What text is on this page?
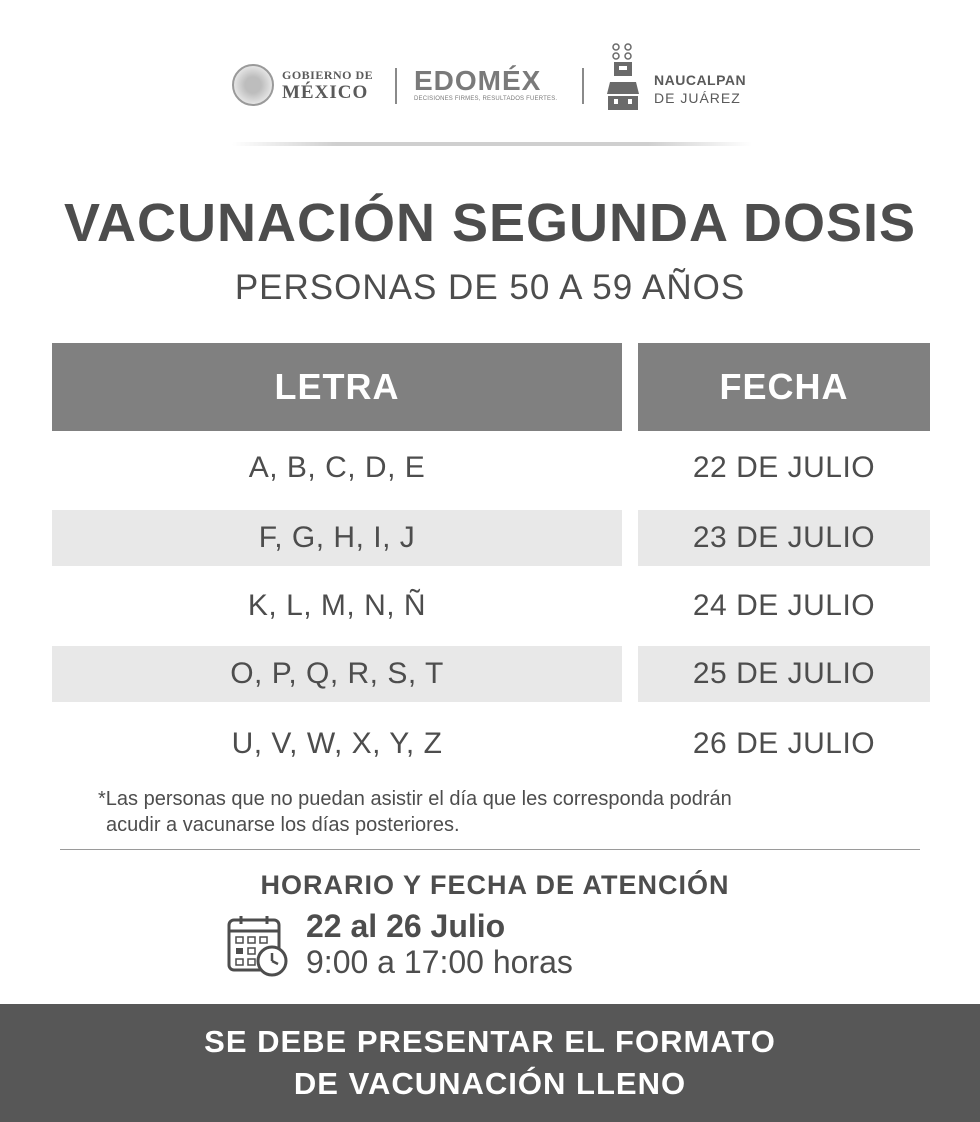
GOBIERNO DE
MÉXICO EDOMÉX
DECISIONES FIRMES, RESULTADOS FUERTES.
NAUCALPAN
DE JUÁREZ
VACUNACIÓN SEGUNDA DOSIS
PERSONAS DE 50 A 59 AÑOS
LETRA	FECHA
A, B, C, D, E	22 DE JULIO
F, G, H, I, J	23 DE JULIO
K, L, M, N, Ñ	24 DE JULIO
O, P, Q, R, S, T	25 DE JULIO
U, V, W, X, Y, Z	26 DE JULIO
*Las personas que no puedan asistir el día que les corresponda podrán
acudir a vacunarse los días posteriores.
HORARIO Y FECHA DE ATENCIÓN
22 al 26 Julio
9:00 a 17:00 horas
SE DEBE PRESENTAR EL FORMATO
DE VACUNACIÓN LLENO
